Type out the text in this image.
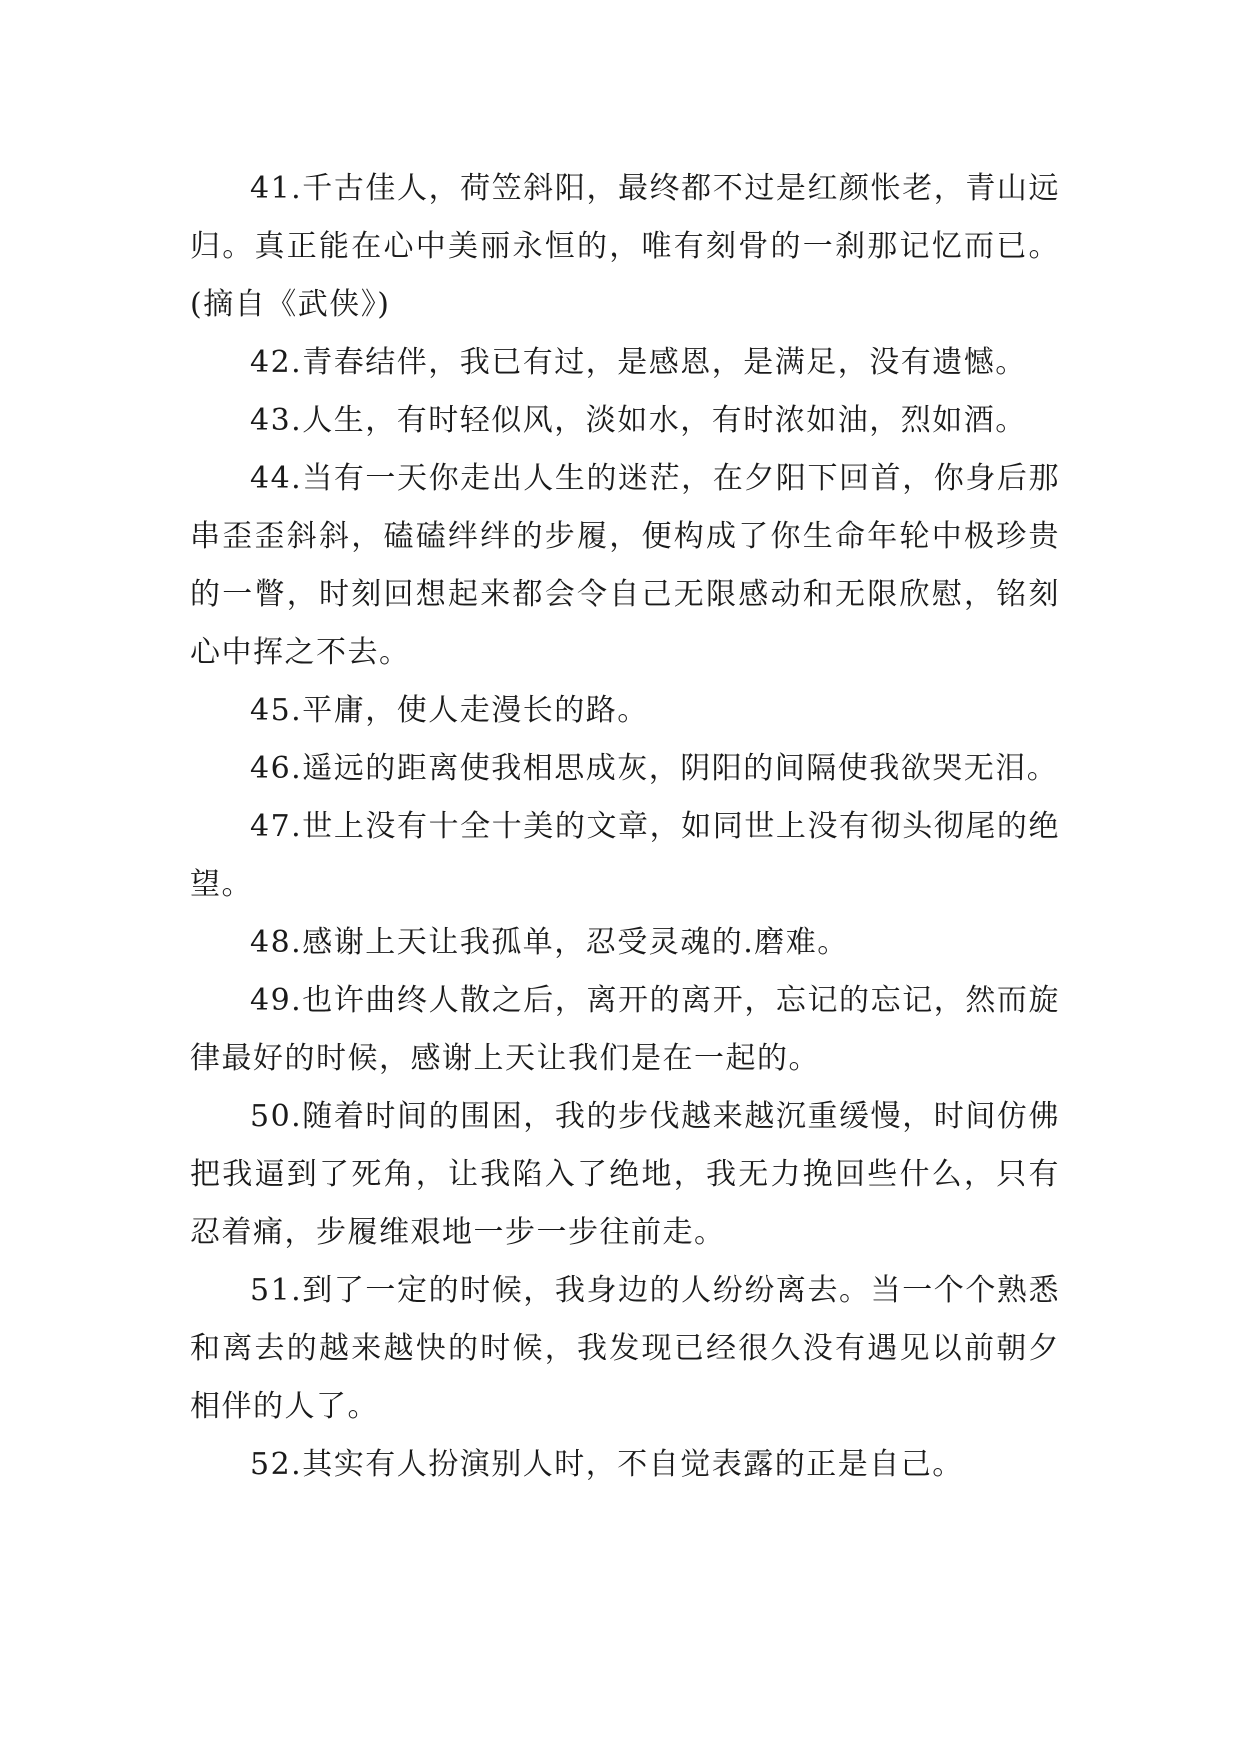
41.千古佳人，荷笠斜阳，最终都不过是红颜怅老，青山远归。真正能在心中美丽永恒的，唯有刻骨的一刹那记忆而已。(摘自《武侠》)

42.青春结伴，我已有过，是感恩，是满足，没有遗憾。

43.人生，有时轻似风，淡如水，有时浓如油，烈如酒。

44.当有一天你走出人生的迷茫，在夕阳下回首，你身后那串歪歪斜斜，磕磕绊绊的步履，便构成了你生命年轮中极珍贵的一瞥，时刻回想起来都会令自己无限感动和无限欣慰，铭刻心中挥之不去。

45.平庸，使人走漫长的路。

46.遥远的距离使我相思成灰，阴阳的间隔使我欲哭无泪。

47.世上没有十全十美的文章，如同世上没有彻头彻尾的绝望。

48.感谢上天让我孤单，忍受灵魂的.磨难。

49.也许曲终人散之后，离开的离开，忘记的忘记，然而旋律最好的时候，感谢上天让我们是在一起的。

50.随着时间的围困，我的步伐越来越沉重缓慢，时间仿佛把我逼到了死角，让我陷入了绝地，我无力挽回些什么，只有忍着痛，步履维艰地一步一步往前走。

51.到了一定的时候，我身边的人纷纷离去。当一个个熟悉和离去的越来越快的时候，我发现已经很久没有遇见以前朝夕相伴的人了。

52.其实有人扮演别人时，不自觉表露的正是自己。
